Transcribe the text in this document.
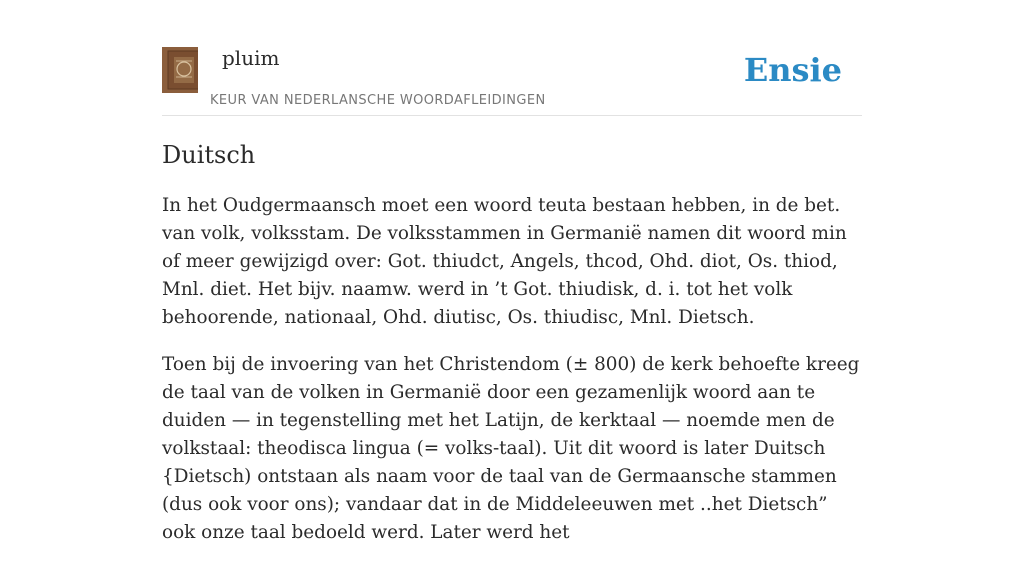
pluim
KEUR VAN NEDERLANSCHE WOORDAFLEIDINGEN
Ensie
Duitsch

In het Oudgermaansch moet een woord teuta bestaan hebben, in de bet. van volk, volksstam. De volksstammen in Germanië namen dit woord min of meer gewijzigd over: Got. thiudct, Angels, thcod, Ohd. diot, Os. thiod, Mnl. diet. Het bijv. naamw. werd in ’t Got. thiudisk, d. i. tot het volk behoorende, nationaal, Ohd. diutisc, Os. thiudisc, Mnl. Dietsch.

Toen bij de invoering van het Christendom (± 800) de kerk behoefte kreeg de taal van de volken in Germanië door een gezamenlijk woord aan te duiden — in tegenstelling met het Latijn, de kerktaal — noemde men de volkstaal: theodisca lingua (= volks-taal). Uit dit woord is later Duitsch {Dietsch) ontstaan als naam voor de taal van de Germaansche stammen (dus ook voor ons); vandaar dat in de Middeleeuwen met ..het Dietsch” ook onze taal bedoeld werd. Later werd het
